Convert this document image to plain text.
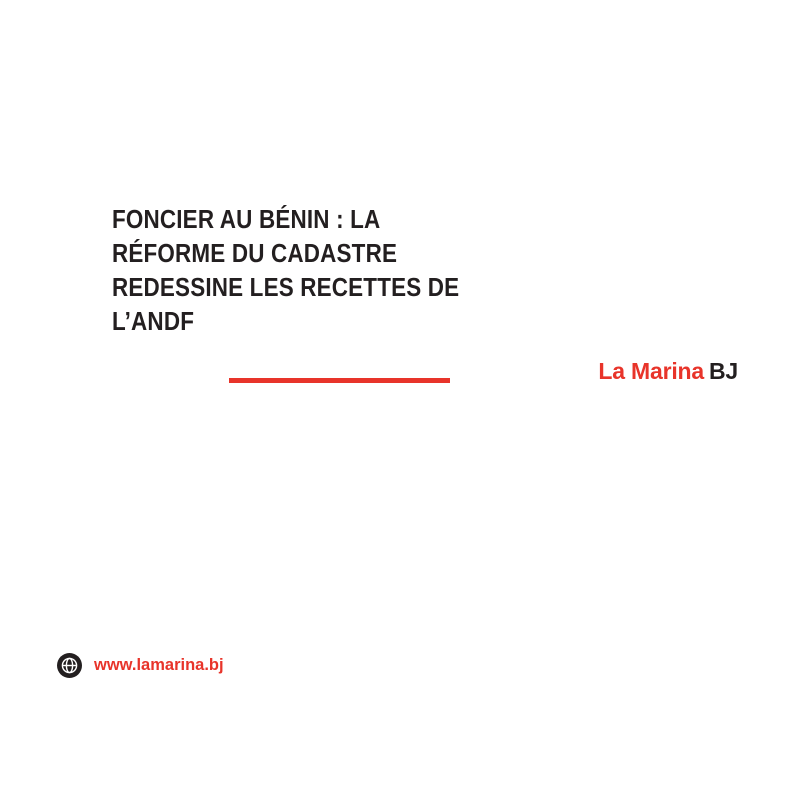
FONCIER AU BÉNIN : LA RÉFORME DU CADASTRE REDESSINE LES RECETTES DE L’ANDF
La Marina BJ
www.lamarina.bj
